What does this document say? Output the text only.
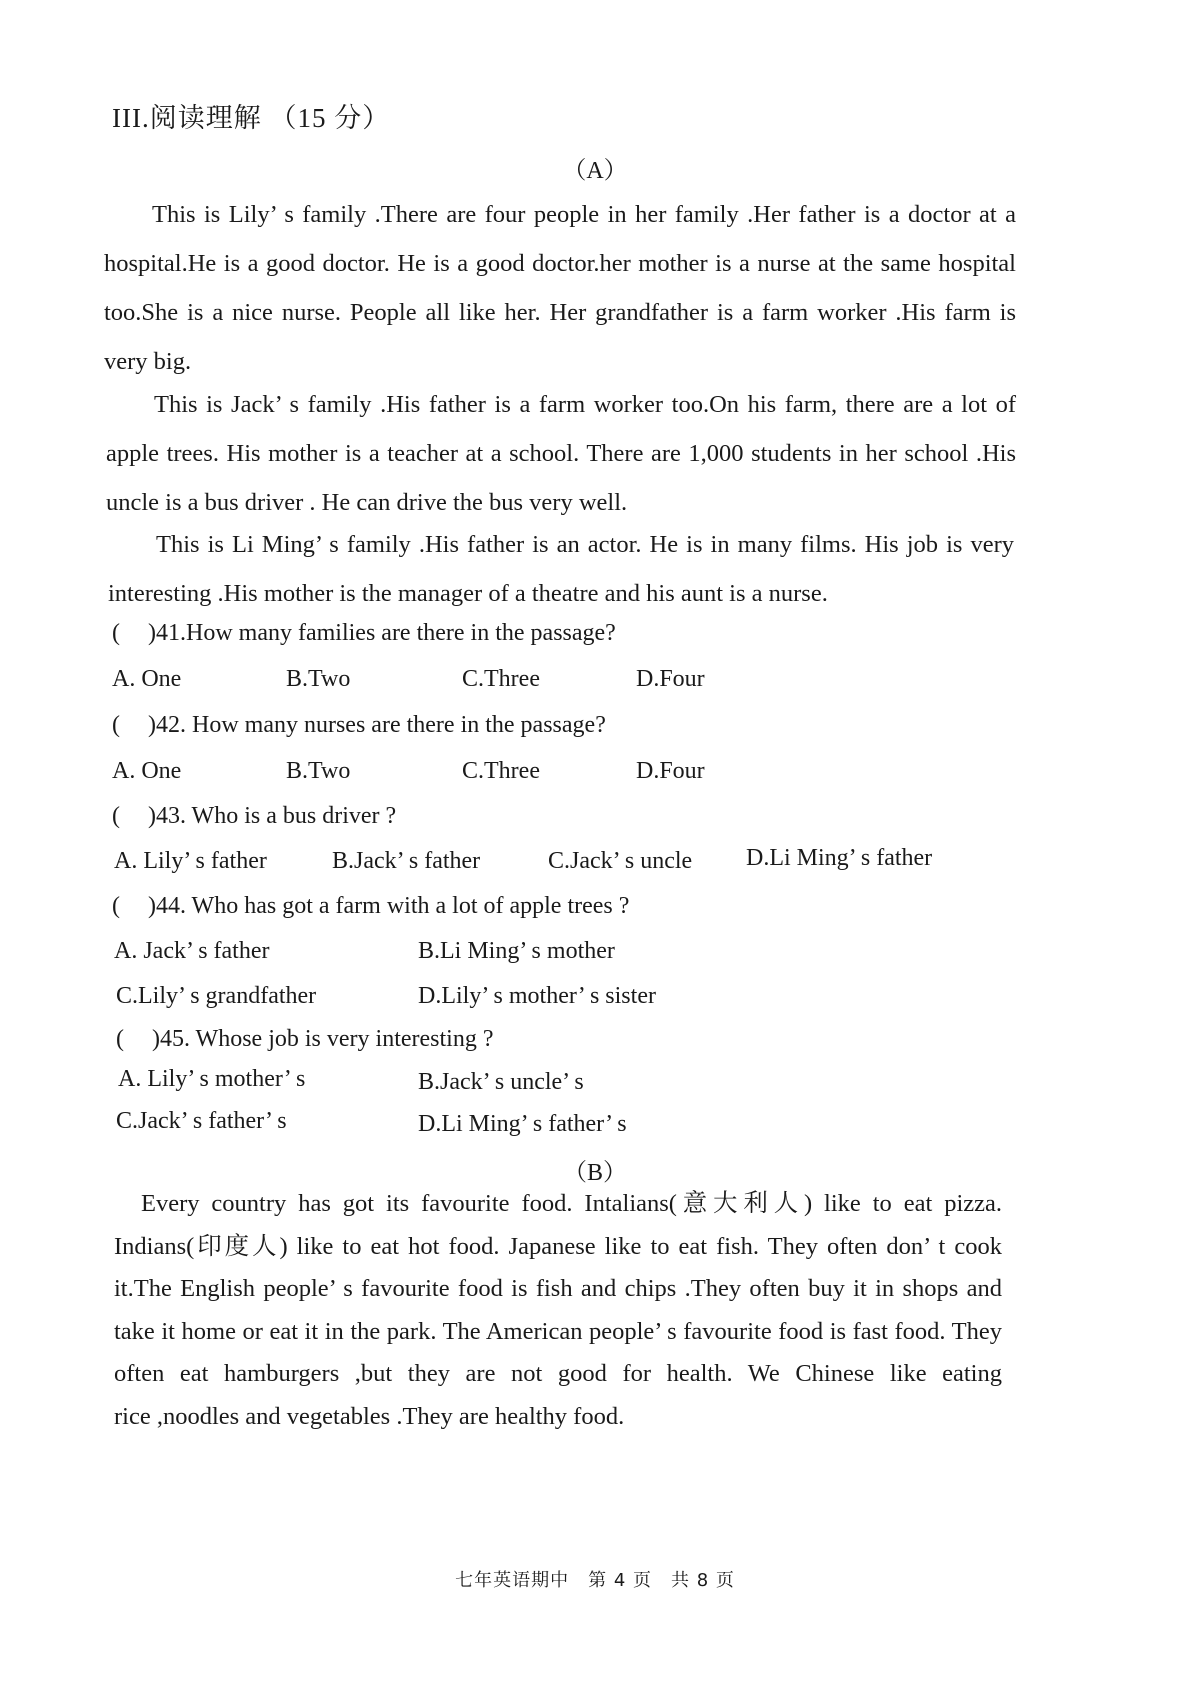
III.阅读理解 （15 分）
（A）
This is Lily’ s family .There are four people in her family .Her father is a doctor at a
hospital.He is a good doctor. He is a good doctor.her mother is a nurse at the same hospital
too.She is a nice nurse. People all like her. Her grandfather is a farm worker .His farm is
very big.
This is Jack’ s family .His father is a farm worker too.On his farm, there are a lot of
apple trees. His mother is a teacher at a school. There are 1,000 students in her school .His
uncle is a bus driver . He can drive the bus very well.
This is Li Ming’ s family .His father is an actor. He is in many films. His job is very
interesting .His mother is the manager of a theatre and his aunt is a nurse.
( )41.How many families are there in the passage?
A. One	B.Two	C.Three	D.Four
( )42. How many nurses are there in the passage?
A. One	B.Two	C.Three	D.Four
( )43. Who is a bus driver ?
A. Lily’ s father	B.Jack’ s father	C.Jack’ s uncle D.Li Ming’ s father
( )44. Who has got a farm with a lot of apple trees ?
A. Jack’ s father	B.Li Ming’ s mother
C.Lily’ s grandfather	D.Lily’ s mother’ s sister
( )45. Whose job is very interesting ?
A. Lily’ s mother’ s	B.Jack’ s uncle’ s
C.Jack’ s father’ s	D.Li Ming’ s father’ s
（B）
Every country has got its favourite food. Intalians(意大利人) like to eat pizza.
Indians(印度人) like to eat hot food. Japanese like to eat fish. They often don’ t cook
it.The English people’ s favourite food is fish and chips .They often buy it in shops and
take it home or eat it in the park. The American people’ s favourite food is fast food. They
often eat hamburgers ,but they are not good for health. We Chinese like eating
rice ,noodles and vegetables .They are healthy food.
七年英语期中　第 4 页　共 8 页
